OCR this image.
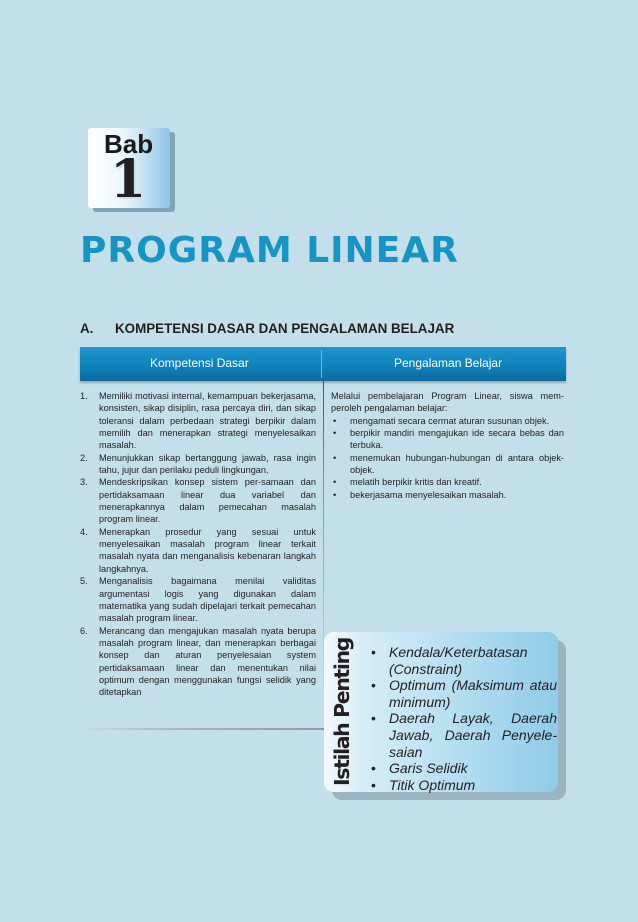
Bab
1
PROGRAM LINEAR
A. KOMPETENSI DASAR DAN PENGALAMAN BELAJAR
Kompetensi Dasar	Pengalaman Belajar
1. Memiliki motivasi internal, kemampuan bekerjasama, konsisten, sikap disiplin, rasa percaya diri, dan sikap toleransi dalam perbedaan strategi berpikir dalam memilih dan menerapkan strategi menyelesaikan masalah.
2. Menunjukkan sikap bertanggung jawab, rasa ingin tahu, jujur dan perilaku peduli lingkungan.
3. Mendeskripsikan konsep sistem per-samaan dan pertidaksamaan linear dua variabel dan menerapkannya dalam pemecahan masalah program linear.
4. Menerapkan prosedur yang sesuai untuk menyelesaikan masalah program linear terkait masalah nyata dan menganalisis kebenaran langkah langkahnya.
5. Menganalisis bagaimana menilai validitas argumentasi logis yang digunakan dalam matematika yang sudah dipelajari terkait pemecahan masalah program linear.
6. Merancang dan mengajukan masalah nyata berupa masalah program linear, dan menerapkan berbagai konsep dan aturan penyelesaian system pertidaksamaan linear dan menentukan nilai optimum dengan menggunakan fungsi selidik yang ditetapkan
Melalui pembelajaran Program Linear, siswa mem-peroleh pengalaman belajar:
• mengamati secara cermat aturan susunan objek.
• berpikir mandiri mengajukan ide secara bebas dan terbuka.
• menemukan hubungan-hubungan di antara objek-objek.
• melatih berpikir kritis dan kreatif.
• bekerjasama menyelesaikan masalah.
Istilah Penting • Kendala/Keterbatasan (Constraint)
• Optimum (Maksimum atau minimum)
• Daerah Layak, Daerah Jawab, Daerah Penyele-saian
• Garis Selidik
• Titik Optimum
